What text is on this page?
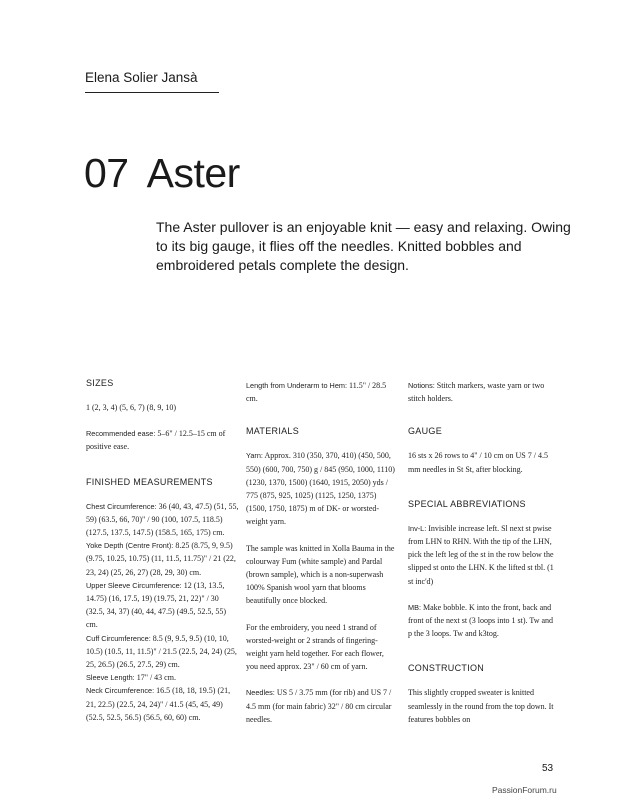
Elena Solier Jansà
07 Aster
The Aster pullover is an enjoyable knit — easy and relaxing. Owing to its big gauge, it flies off the needles. Knitted bobbles and embroidered petals complete the design.
SIZES

1 (2, 3, 4) (5, 6, 7) (8, 9, 10)

Recommended ease: 5–6" / 12.5–15 cm of positive ease.

FINISHED MEASUREMENTS

Chest Circumference: 36 (40, 43, 47.5) (51, 55, 59) (63.5, 66, 70)" / 90 (100, 107.5, 118.5) (127.5, 137.5, 147.5) (158.5, 165, 175) cm.

Yoke Depth (Centre Front): 8.25 (8.75, 9, 9.5) (9.75, 10.25, 10.75) (11, 11.5, 11.75)" / 21 (22, 23, 24) (25, 26, 27) (28, 29, 30) cm.

Upper Sleeve Circumference: 12 (13, 13.5, 14.75) (16, 17.5, 19) (19.75, 21, 22)" / 30 (32.5, 34, 37) (40, 44, 47.5) (49.5, 52.5, 55) cm.

Cuff Circumference: 8.5 (9, 9.5, 9.5) (10, 10, 10.5) (10.5, 11, 11.5)" / 21.5 (22.5, 24, 24) (25, 25, 26.5) (26.5, 27.5, 29) cm.

Sleeve Length: 17" / 43 cm.

Neck Circumference: 16.5 (18, 18, 19.5) (21, 21, 22.5) (22.5, 24, 24)" / 41.5 (45, 45, 49) (52.5, 52.5, 56.5) (56.5, 60, 60) cm.

Length from Underarm to Hem: 11.5" / 28.5 cm.

MATERIALS

Yarn: Approx. 310 (350, 370, 410) (450, 500, 550) (600, 700, 750) g / 845 (950, 1000, 1110) (1230, 1370, 1500) (1640, 1915, 2050) yds / 775 (875, 925, 1025) (1125, 1250, 1375) (1500, 1750, 1875) m of DK- or worsted-weight yarn.

The sample was knitted in Xolla Bauma in the colourway Fum (white sample) and Pardal (brown sample), which is a non-superwash 100% Spanish wool yarn that blooms beautifully once blocked.

For the embroidery, you need 1 strand of worsted-weight or 2 strands of fingering-weight yarn held together. For each flower, you need approx. 23" / 60 cm of yarn.

Needles: US 5 / 3.75 mm (for rib) and US 7 / 4.5 mm (for main fabric) 32" / 80 cm circular needles.

Notions: Stitch markers, waste yarn or two stitch holders.

GAUGE

16 sts x 26 rows to 4" / 10 cm on US 7 / 4.5 mm needles in St St, after blocking.

SPECIAL ABBREVIATIONS

Inv-L: Invisible increase left. Sl next st pwise from LHN to RHN. With the tip of the LHN, pick the left leg of the st in the row below the slipped st onto the LHN. K the lifted st tbl. (1 st inc'd)

MB: Make bobble. K into the front, back and front of the next st (3 loops into 1 st). Tw and p the 3 loops. Tw and k3tog.

CONSTRUCTION

This slightly cropped sweater is knitted seamlessly in the round from the top down. It features bobbles on

53
PassionForum.ru
